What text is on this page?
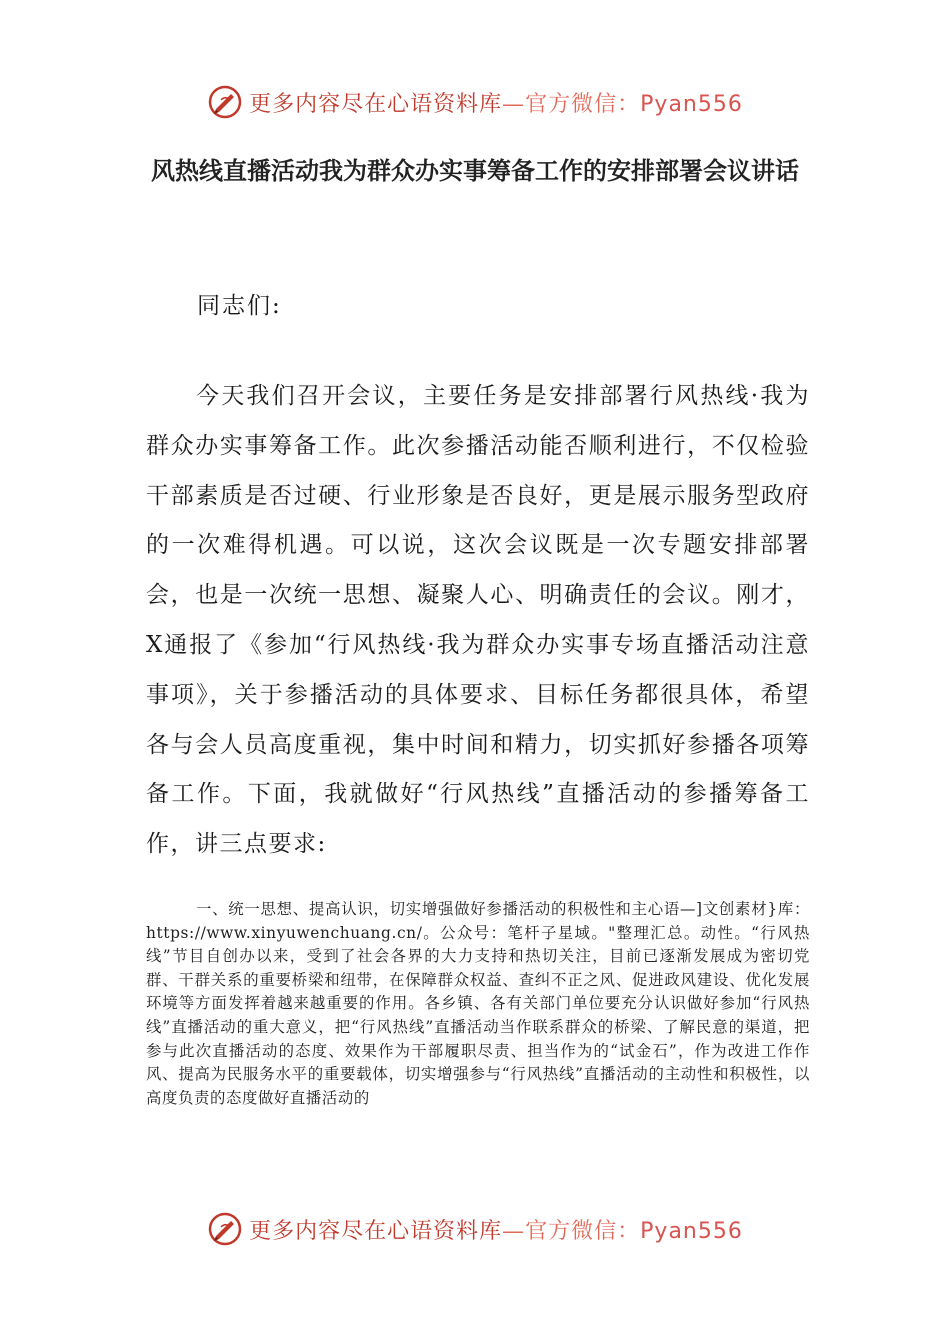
更多内容尽在心语资料库—官方微信：Pyan556
风热线直播活动我为群众办实事筹备工作的安排部署会议讲话
同志们:
今天我们召开会议，主要任务是安排部署行风热线·我为群众办实事筹备工作。此次参播活动能否顺利进行，不仅检验干部素质是否过硬、行业形象是否良好，更是展示服务型政府的一次难得机遇。可以说，这次会议既是一次专题安排部署会，也是一次统一思想、凝聚人心、明确责任的会议。刚才，X通报了《参加“行风热线·我为群众办实事专场直播活动注意事项》，关于参播活动的具体要求、目标任务都很具体，希望各与会人员高度重视，集中时间和精力，切实抓好参播各项筹备工作。下面，我就做好“行风热线”直播活动的参播筹备工作，讲三点要求:
一、统一思想、提高认识，切实增强做好参播活动的积极性和主心语—]文创素材}库：https://www.xinyuwenchuang.cn/。公众号：笔杆子星域。"整理汇总。动性。“行风热线”节目自创办以来，受到了社会各界的大力支持和热切关注，目前已逐渐发展成为密切党群、干群关系的重要桥梁和纽带，在保障群众权益、查纠不正之风、促进政风建设、优化发展环境等方面发挥着越来越重要的作用。各乡镇、各有关部门单位要充分认识做好参加“行风热线”直播活动的重大意义，把“行风热线”直播活动当作联系群众的桥梁、了解民意的渠道，把参与此次直播活动的态度、效果作为干部履职尽责、担当作为的“试金石”，作为改进工作作风、提高为民服务水平的重要载体，切实增强参与“行风热线”直播活动的主动性和积极性，以高度负责的态度做好直播活动的
更多内容尽在心语资料库—官方微信：Pyan556
